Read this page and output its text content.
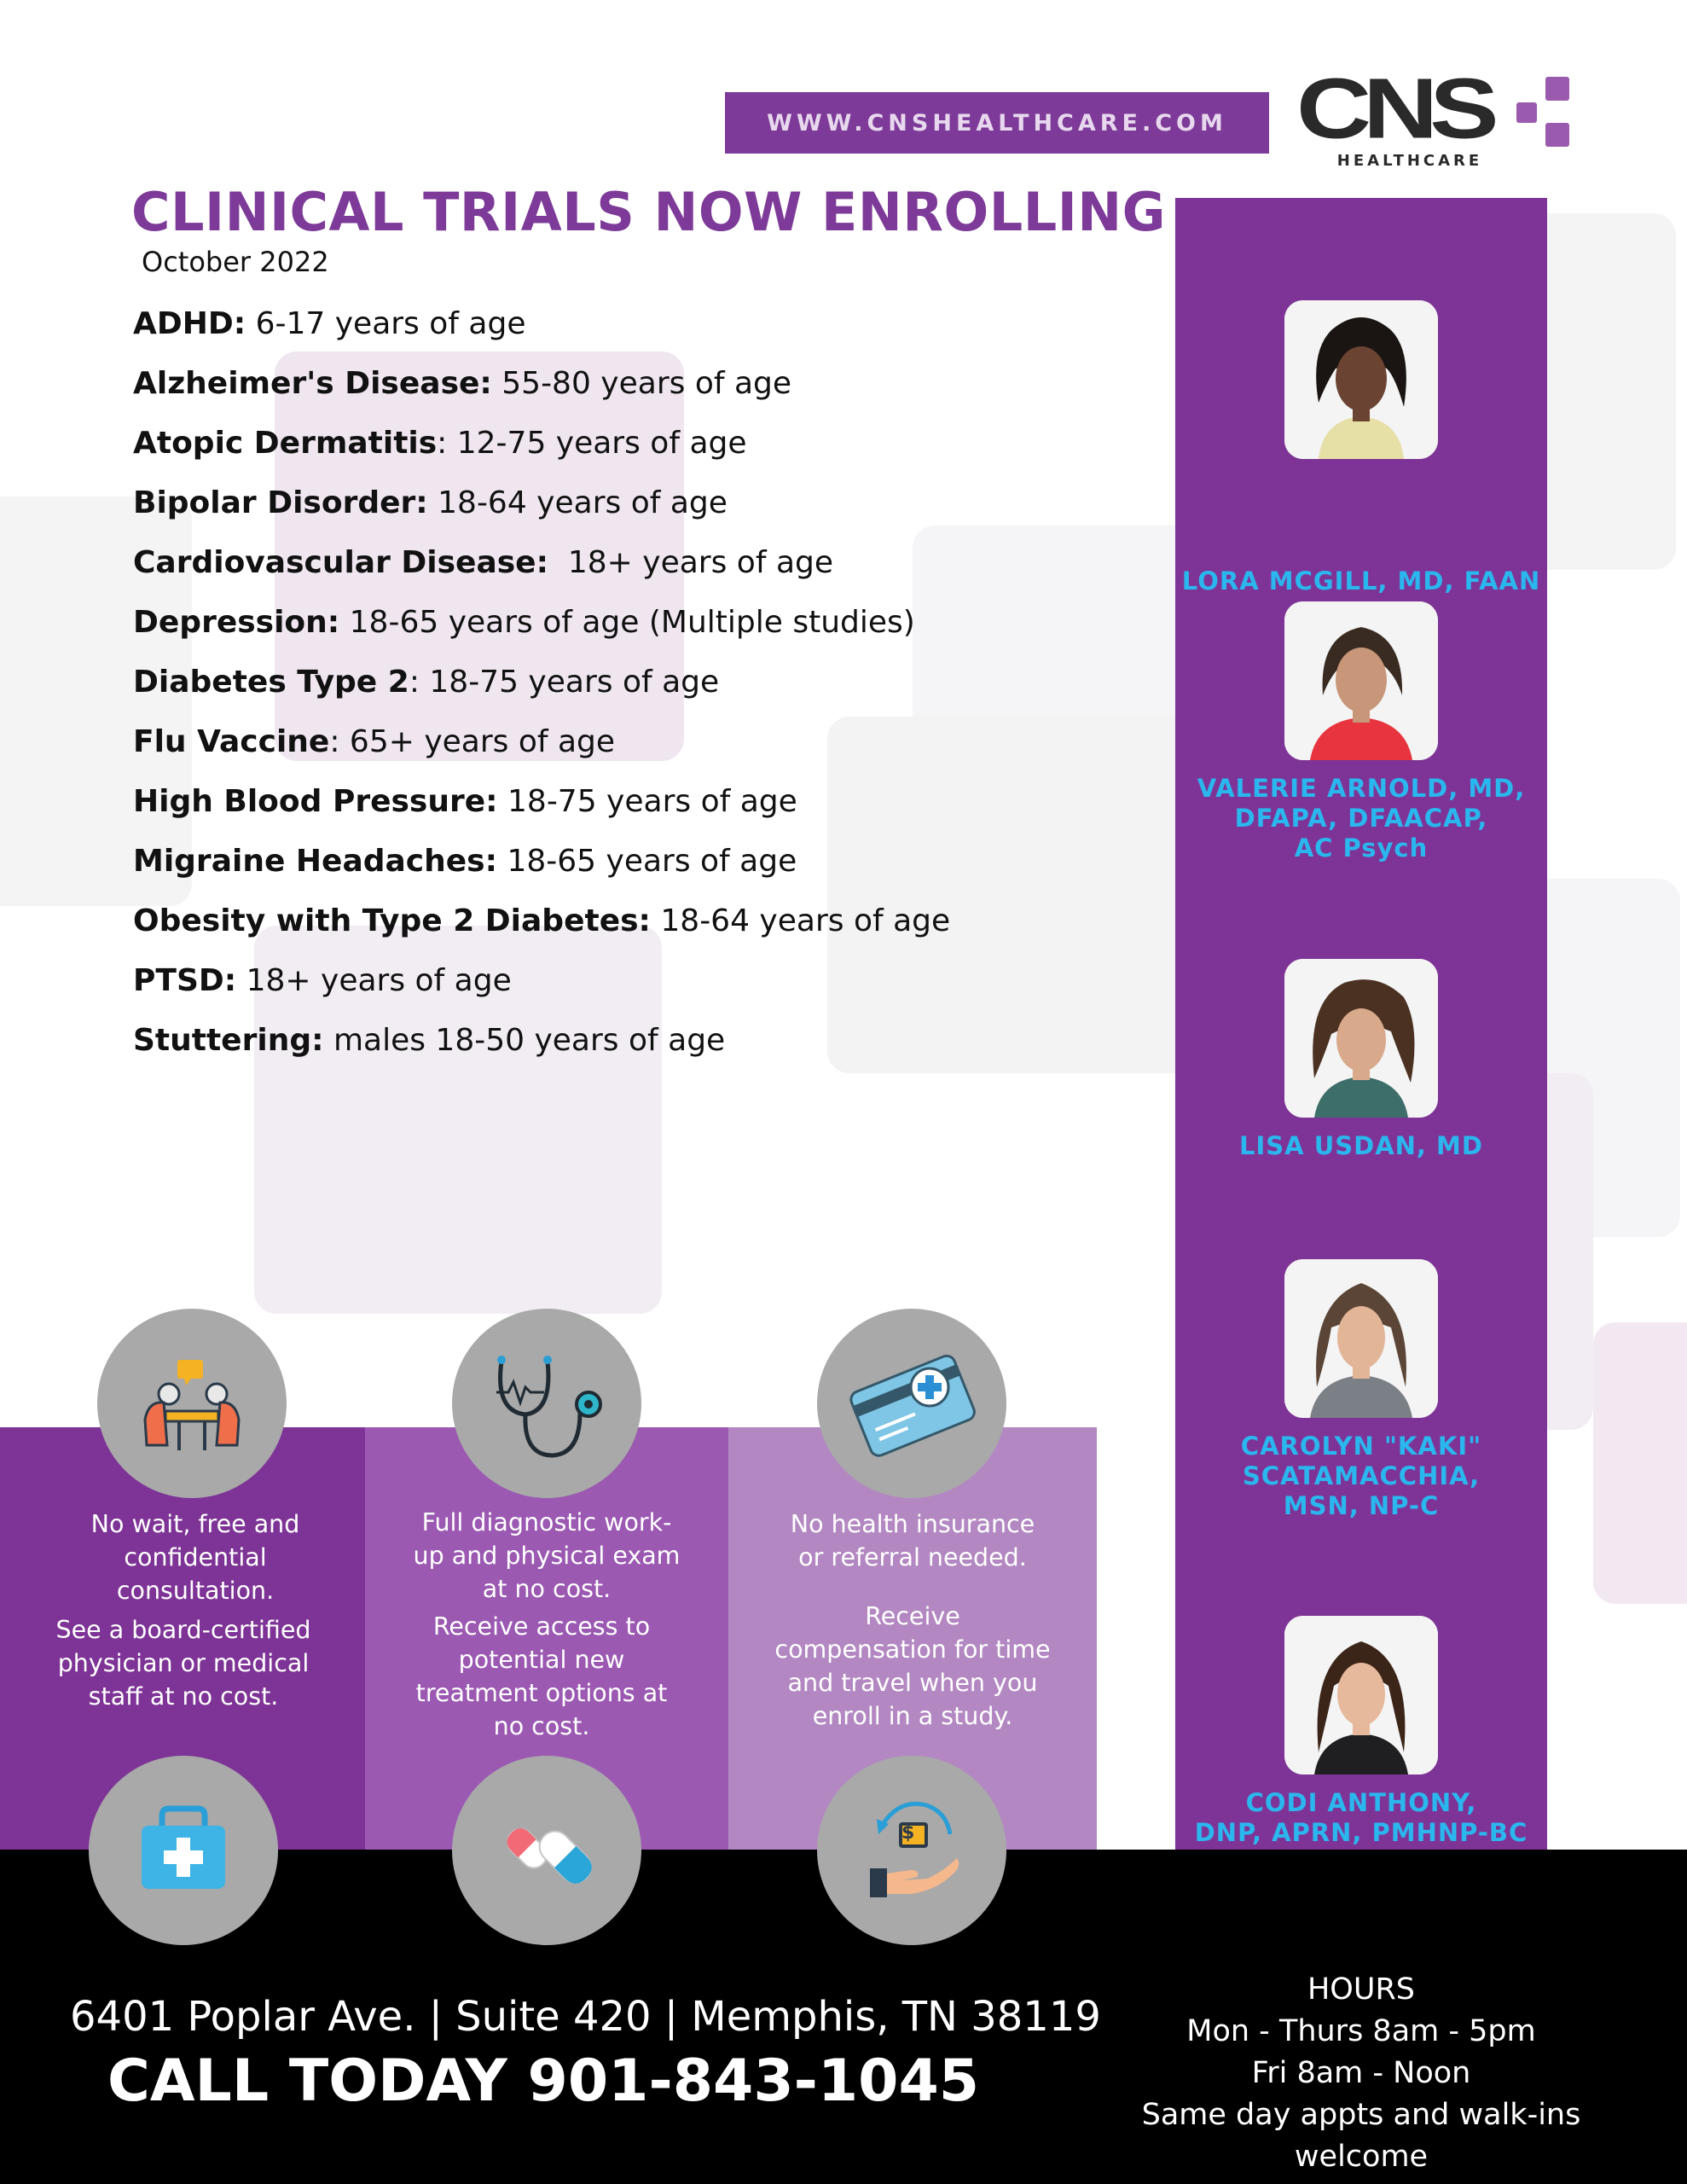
WWW.CNSHEALTHCARE.COM CNS
HEALTHCARE
CLINICAL TRIALS NOW ENROLLING
October 2022
ADHD: 6-17 years of age
Alzheimer's Disease: 55-80 years of age
Atopic Dermatitis: 12-75 years of age
Bipolar Disorder: 18-64 years of age
Cardiovascular Disease:  18+ years of age
Depression: 18-65 years of age (Multiple studies)
Diabetes Type 2: 18-75 years of age
Flu Vaccine: 65+ years of age
High Blood Pressure: 18-75 years of age
Migraine Headaches: 18-65 years of age
Obesity with Type 2 Diabetes: 18-64 years of age
PTSD: 18+ years of age
Stuttering: males 18-50 years of age
LORA MCGILL, MD, FAAN
VALERIE ARNOLD, MD,
DFAPA, DFAACAP,
AC Psych
LISA USDAN, MD
CAROLYN "KAKI"
SCATAMACCHIA,
MSN, NP-C
CODI ANTHONY,
DNP, APRN, PMHNP-BC
No wait, free and
confidential
consultation.
See a board-certified
physician or medical
staff at no cost.
Full diagnostic work-
up and physical exam
at no cost.
Receive access to
potential new
treatment options at
no cost.
No health insurance
or referral needed.
Receive
compensation for time
and travel when you
enroll in a study.
6401 Poplar Ave. | Suite 420 | Memphis, TN 38119
CALL TODAY 901-843-1045
HOURS
Mon - Thurs 8am - 5pm
Fri 8am - Noon
Same day appts and walk-ins welcome
$
